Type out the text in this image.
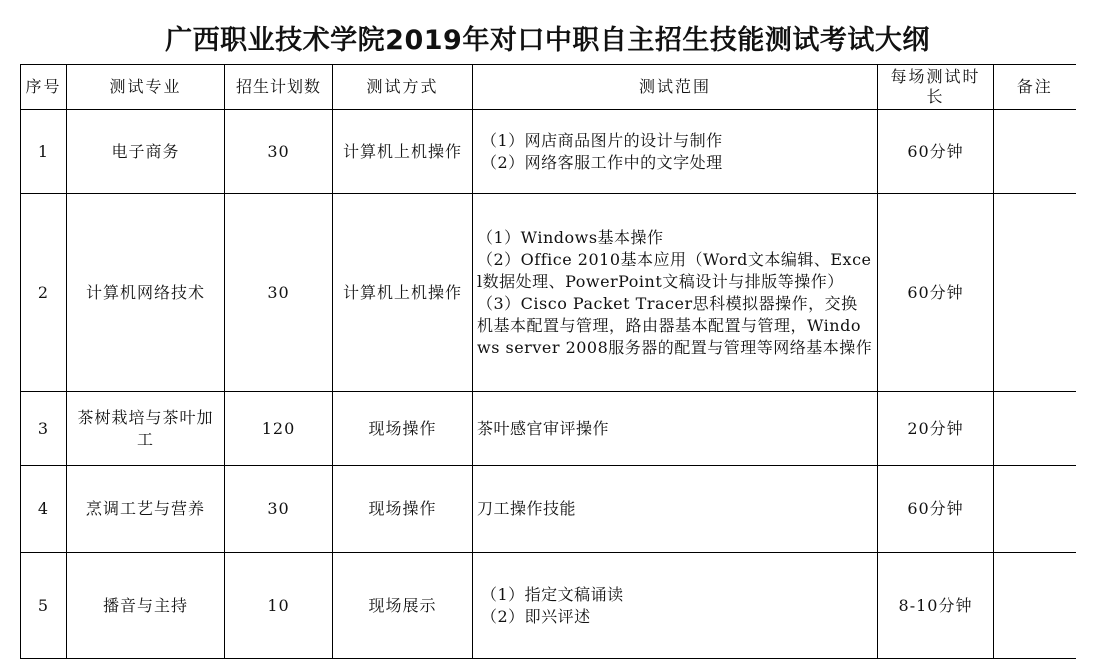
广西职业技术学院2019年对口中职自主招生技能测试考试大纲
序号	测试专业	招生计划数	测试方式	测试范围	每场测试时长	备注
1	电子商务	30	计算机上机操作	（1）网店商品图片的设计与制作
（2）网络客服工作中的文字处理	60分钟	
2	计算机网络技术	30	计算机上机操作	（1）Windows基本操作
（2）Office 2010基本应用（Word文本编辑、Excel数据处理、PowerPoint文稿设计与排版等操作）
（3）Cisco Packet Tracer思科模拟器操作，交换机基本配置与管理，路由器基本配置与管理，Windows server 2008服务器的配置与管理等网络基本操作	60分钟	
3	茶树栽培与茶叶加工	120	现场操作	茶叶感官审评操作	20分钟	
4	烹调工艺与营养	30	现场操作	刀工操作技能	60分钟	
5	播音与主持	10	现场展示	（1）指定文稿诵读
（2）即兴评述	8-10分钟	
